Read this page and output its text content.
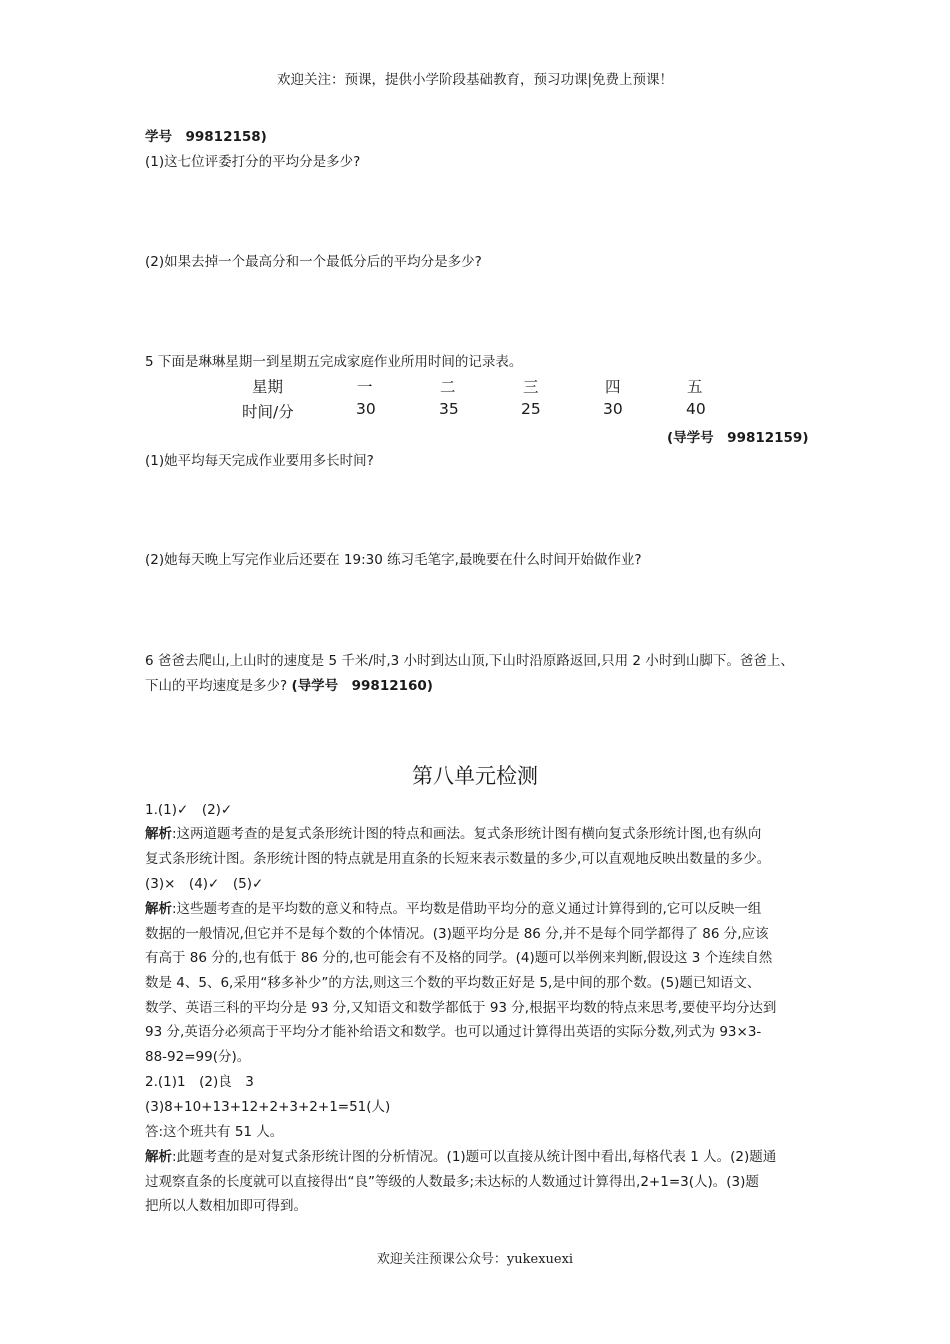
欢迎关注：预课，提供小学阶段基础教育，预习功课|免费上预课！
学号　99812158)
(1)这七位评委打分的平均分是多少?
(2)如果去掉一个最高分和一个最低分后的平均分是多少?
5 下面是琳琳星期一到星期五完成家庭作业所用时间的记录表。
星期	一	二	三	四	五
时间/分	30	35	25	30	40
(导学号　99812159)
(1)她平均每天完成作业要用多长时间?
(2)她每天晚上写完作业后还要在 19:30 练习毛笔字,最晚要在什么时间开始做作业?
6 爸爸去爬山,上山时的速度是 5 千米/时,3 小时到达山顶,下山时沿原路返回,只用 2 小时到山脚下。爸爸上、
下山的平均速度是多少? (导学号　99812160)
第八单元检测
1.(1)✓　(2)✓
解析:这两道题考查的是复式条形统计图的特点和画法。复式条形统计图有横向复式条形统计图,也有纵向
复式条形统计图。条形统计图的特点就是用直条的长短来表示数量的多少,可以直观地反映出数量的多少。
(3)×　(4)✓　(5)✓
解析:这些题考查的是平均数的意义和特点。平均数是借助平均分的意义通过计算得到的,它可以反映一组
数据的一般情况,但它并不是每个数的个体情况。(3)题平均分是 86 分,并不是每个同学都得了 86 分,应该
有高于 86 分的,也有低于 86 分的,也可能会有不及格的同学。(4)题可以举例来判断,假设这 3 个连续自然
数是 4、5、6,采用“移多补少”的方法,则这三个数的平均数正好是 5,是中间的那个数。(5)题已知语文、
数学、英语三科的平均分是 93 分,又知语文和数学都低于 93 分,根据平均数的特点来思考,要使平均分达到
93 分,英语分必须高于平均分才能补给语文和数学。也可以通过计算得出英语的实际分数,列式为 93×3-
88-92=99(分)。
2.(1)1　(2)良　3
(3)8+10+13+12+2+3+2+1=51(人)
答:这个班共有 51 人。
解析:此题考查的是对复式条形统计图的分析情况。(1)题可以直接从统计图中看出,每格代表 1 人。(2)题通
过观察直条的长度就可以直接得出“良”等级的人数最多;未达标的人数通过计算得出,2+1=3(人)。(3)题
把所以人数相加即可得到。
欢迎关注预课公众号：yukexuexi
